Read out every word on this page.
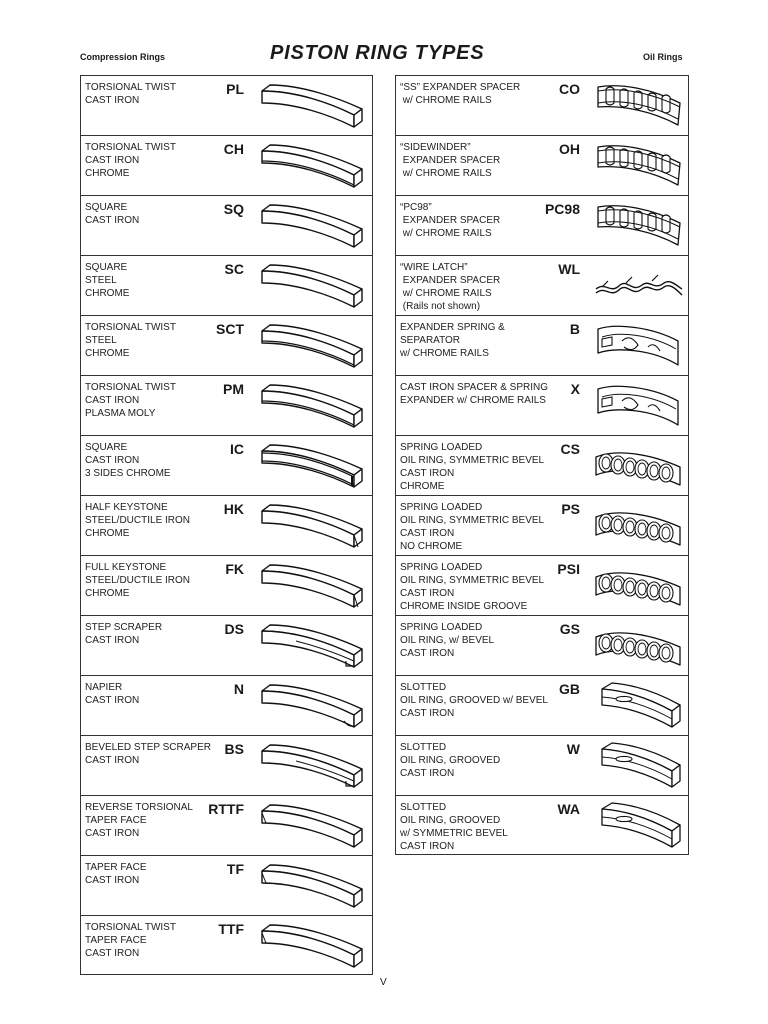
Compression Rings	PISTON RING TYPES	Oil Rings
TORSIONAL TWIST
CAST IRON
PL
TORSIONAL TWIST
CAST IRON
CHROME
CH
SQUARE
CAST IRON
SQ
SQUARE
STEEL
CHROME
SC
TORSIONAL TWIST
STEEL
CHROME
SCT
TORSIONAL TWIST
CAST IRON
PLASMA MOLY
PM
SQUARE
CAST IRON
3 SIDES CHROME
IC
HALF KEYSTONE
STEEL/DUCTILE IRON
CHROME
HK
FULL KEYSTONE
STEEL/DUCTILE IRON
CHROME
FK
STEP SCRAPER
CAST IRON
DS
NAPIER
CAST IRON
N
BEVELED STEP SCRAPER
CAST IRON
BS
REVERSE TORSIONAL
TAPER FACE
CAST IRON
RTTF
TAPER FACE
CAST IRON
TF
TORSIONAL TWIST
TAPER FACE
CAST IRON
TTF
“SS” EXPANDER SPACER
w/ CHROME RAILS
CO
“SIDEWINDER”
EXPANDER SPACER
w/ CHROME RAILS
OH
“PC98”
EXPANDER SPACER
w/ CHROME RAILS
PC98
“WIRE LATCH”
EXPANDER SPACER
w/ CHROME RAILS
(Rails not shown)
WL
EXPANDER SPRING &
SEPARATOR
w/ CHROME RAILS
B
CAST IRON SPACER & SPRING
EXPANDER w/ CHROME RAILS
X
SPRING LOADED
OIL RING, SYMMETRIC BEVEL
CAST IRON
CHROME
CS
SPRING LOADED
OIL RING, SYMMETRIC BEVEL
CAST IRON
NO CHROME
PS
SPRING LOADED
OIL RING, SYMMETRIC BEVEL
CAST IRON
CHROME INSIDE GROOVE
PSI
SPRING LOADED
OIL RING, w/ BEVEL
CAST IRON
GS
SLOTTED
OIL RING, GROOVED w/ BEVEL
CAST IRON
GB
SLOTTED
OIL RING, GROOVED
CAST IRON
W
SLOTTED
OIL RING, GROOVED
w/ SYMMETRIC BEVEL
CAST IRON
WA
V
